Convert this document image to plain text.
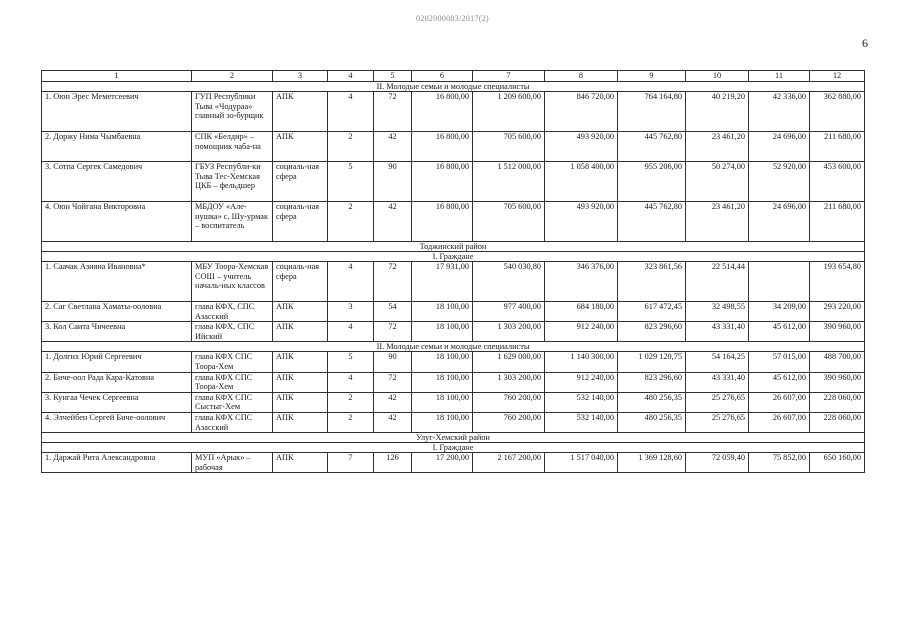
0202000083/2017(2)
6
1	2	3	4	5	6	7	8	9	10	11	12
II. Молодые семьи и молодые специалисты											
1. Оюн Эрес Меметсеевич	ГУП Республики Тыва «Чодураа» главный зо-бурщик	АПК	4	72	16 800,00	1 209 600,00	846 720,00	764 164,80	40 219,20	42 336,00	362 880,00
2. Доржу Нима Чымбаевна	СПК «Белдир» – помощник чаба-на	АПК	2	42	16 800,00	705 600,00	493 920,00	445 762,80	23 461,20	24 696,00	211 680,00
3. Сотпа Сергек Самедович	ГБУЗ Республи-ки Тыва Тес-Хемская ЦКБ – фельдшер	социаль-ная сфера	5	90	16 800,00	1 512 000,00	1 058 400,00	955 206,00	50 274,00	52 920,00	453 600,00
4. Оюн Чойгана Викторовна	МБДОУ «Але-нушка» с. Шу-урмак – воспитатель	социаль-ная сфера	2	42	16 800,00	705 600,00	493 920,00	445 762,80	23 461,20	24 696,00	211 680,00
Тоджинский район											
I. Граждане											
1. Саачак Азияна Ивановна*	МБУ Тоора-Хемская СОШ – учитель началь-ных классов	социаль-ная сфера	4	72	17 931,00	540 030,80	346 376,00	323 861,56	22 514,44		193 654,80
2. Саг Светлана Хаматы-ооловна	глава КФХ, СПС Азасский	АПК	3	54	18 100,00	977 400,00	684 180,00	617 472,45	32 498,55	34 209,00	293 220,00
3. Кол Саита Чичеевна	глава КФХ, СПС Ийский	АПК	4	72	18 100,00	1 303 200,00	912 240,00	823 296,60	43 331,40	45 612,00	390 960,00
II. Молодые семьи и молодые специалисты											
1. Долгих Юрий Сергеевич	глава КФХ СПС Тоора-Хем	АПК	5	90	18 100,00	1 629 000,00	1 140 300,00	1 029 120,75	54 164,25	57 015,00	488 700,00
2. Биче-оол Рада Кара-Катовна	глава КФХ СПС Тоора-Хем	АПК	4	72	18 100,00	1 303 200,00	912 240,00	823 296,60	43 331,40	45 612,00	390 960,00
3. Кунгаа Чечек Сергеевна	глава КФХ СПС Сыстыг-Хем	АПК	2	42	18 100,00	760 200,00	532 140,00	480 256,35	25 276,65	26 607,00	228 060,00
4. Элчейбен Сергей Биче-оолович	глава КФХ СПС Азасский	АПК	2	42	18 100,00	760 200,00	532 140,00	480 256,35	25 276,65	26 607,00	228 060,00
Улуг-Хемский район											
I. Граждане											
1. Даржай Рита Александровна	МУП «Арык» – рабочая	АПК	7	126	17 200,00	2 167 200,00	1 517 040,00	1 369 128,60	72 059,40	75 852,00	650 160,00
